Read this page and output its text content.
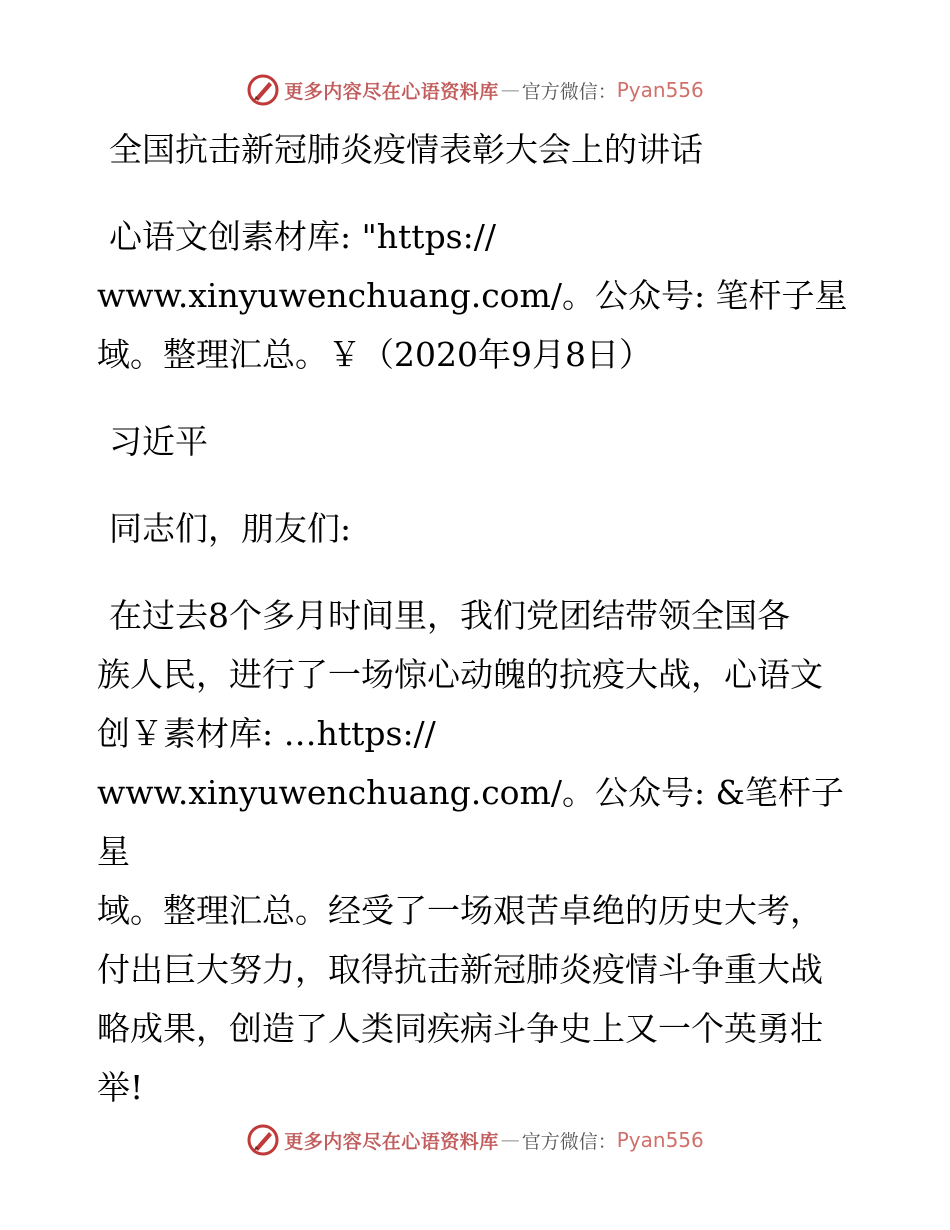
更多内容尽在心语资料库 — 官方微信： Pyan556

全国抗击新冠肺炎疫情表彰大会上的讲话

心语文创素材库: "https://

www.xinyuwenchuang.com/。公众号: 笔杆子星

域。整理汇总。￥（2020年9月8日）

习近平

同志们，朋友们:

在过去8个多月时间里，我们党团结带领全国各

族人民，进行了一场惊心动魄的抗疫大战，心语文

创￥素材库: …https://

www.xinyuwenchuang.com/。公众号: &笔杆子星

域。整理汇总。经受了一场艰苦卓绝的历史大考，

付出巨大努力，取得抗击新冠肺炎疫情斗争重大战

略成果，创造了人类同疾病斗争史上又一个英勇壮

举!

更多内容尽在心语资料库 — 官方微信： Pyan556
